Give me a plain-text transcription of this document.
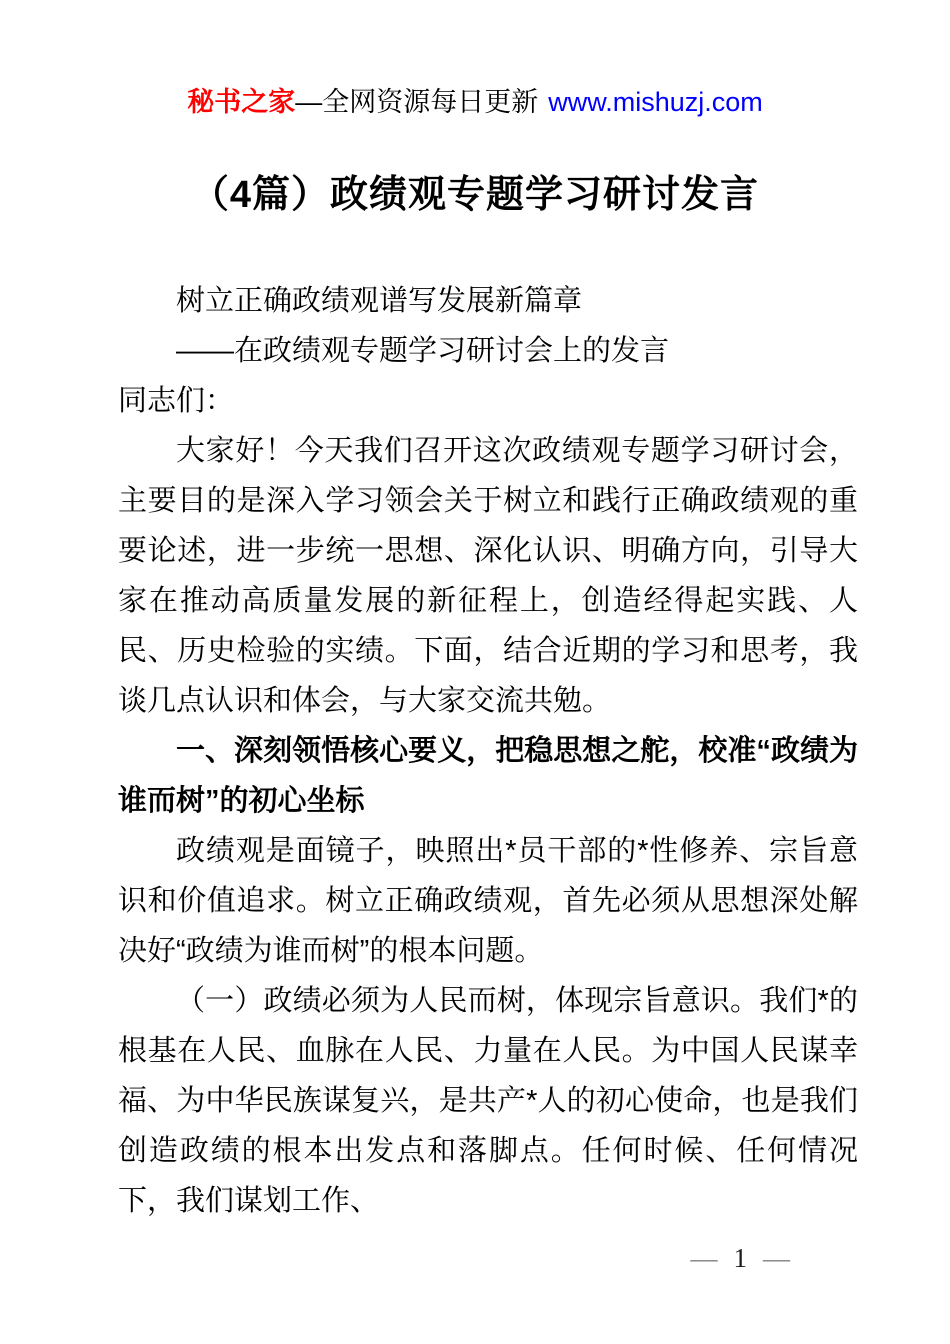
秘书之家—全网资源每日更新 www.mishuzj.com
（4篇）政绩观专题学习研讨发言

树立正确政绩观谱写发展新篇章

——在政绩观专题学习研讨会上的发言

同志们：

大家好！今天我们召开这次政绩观专题学习研讨会，主要目的是深入学习领会关于树立和践行正确政绩观的重要论述，进一步统一思想、深化认识、明确方向，引导大家在推动高质量发展的新征程上，创造经得起实践、人民、历史检验的实绩。下面，结合近期的学习和思考，我谈几点认识和体会，与大家交流共勉。

一、深刻领悟核心要义，把稳思想之舵，校准“政绩为谁而树”的初心坐标

政绩观是面镜子，映照出*员干部的*性修养、宗旨意识和价值追求。树立正确政绩观，首先必须从思想深处解决好“政绩为谁而树”的根本问题。

（一）政绩必须为人民而树，体现宗旨意识。我们*的根基在人民、血脉在人民、力量在人民。为中国人民谋幸福、为中华民族谋复兴，是共产*人的初心使命，也是我们创造政绩的根本出发点和落脚点。任何时候、任何情况下，我们谋划工作、

— 1 —
